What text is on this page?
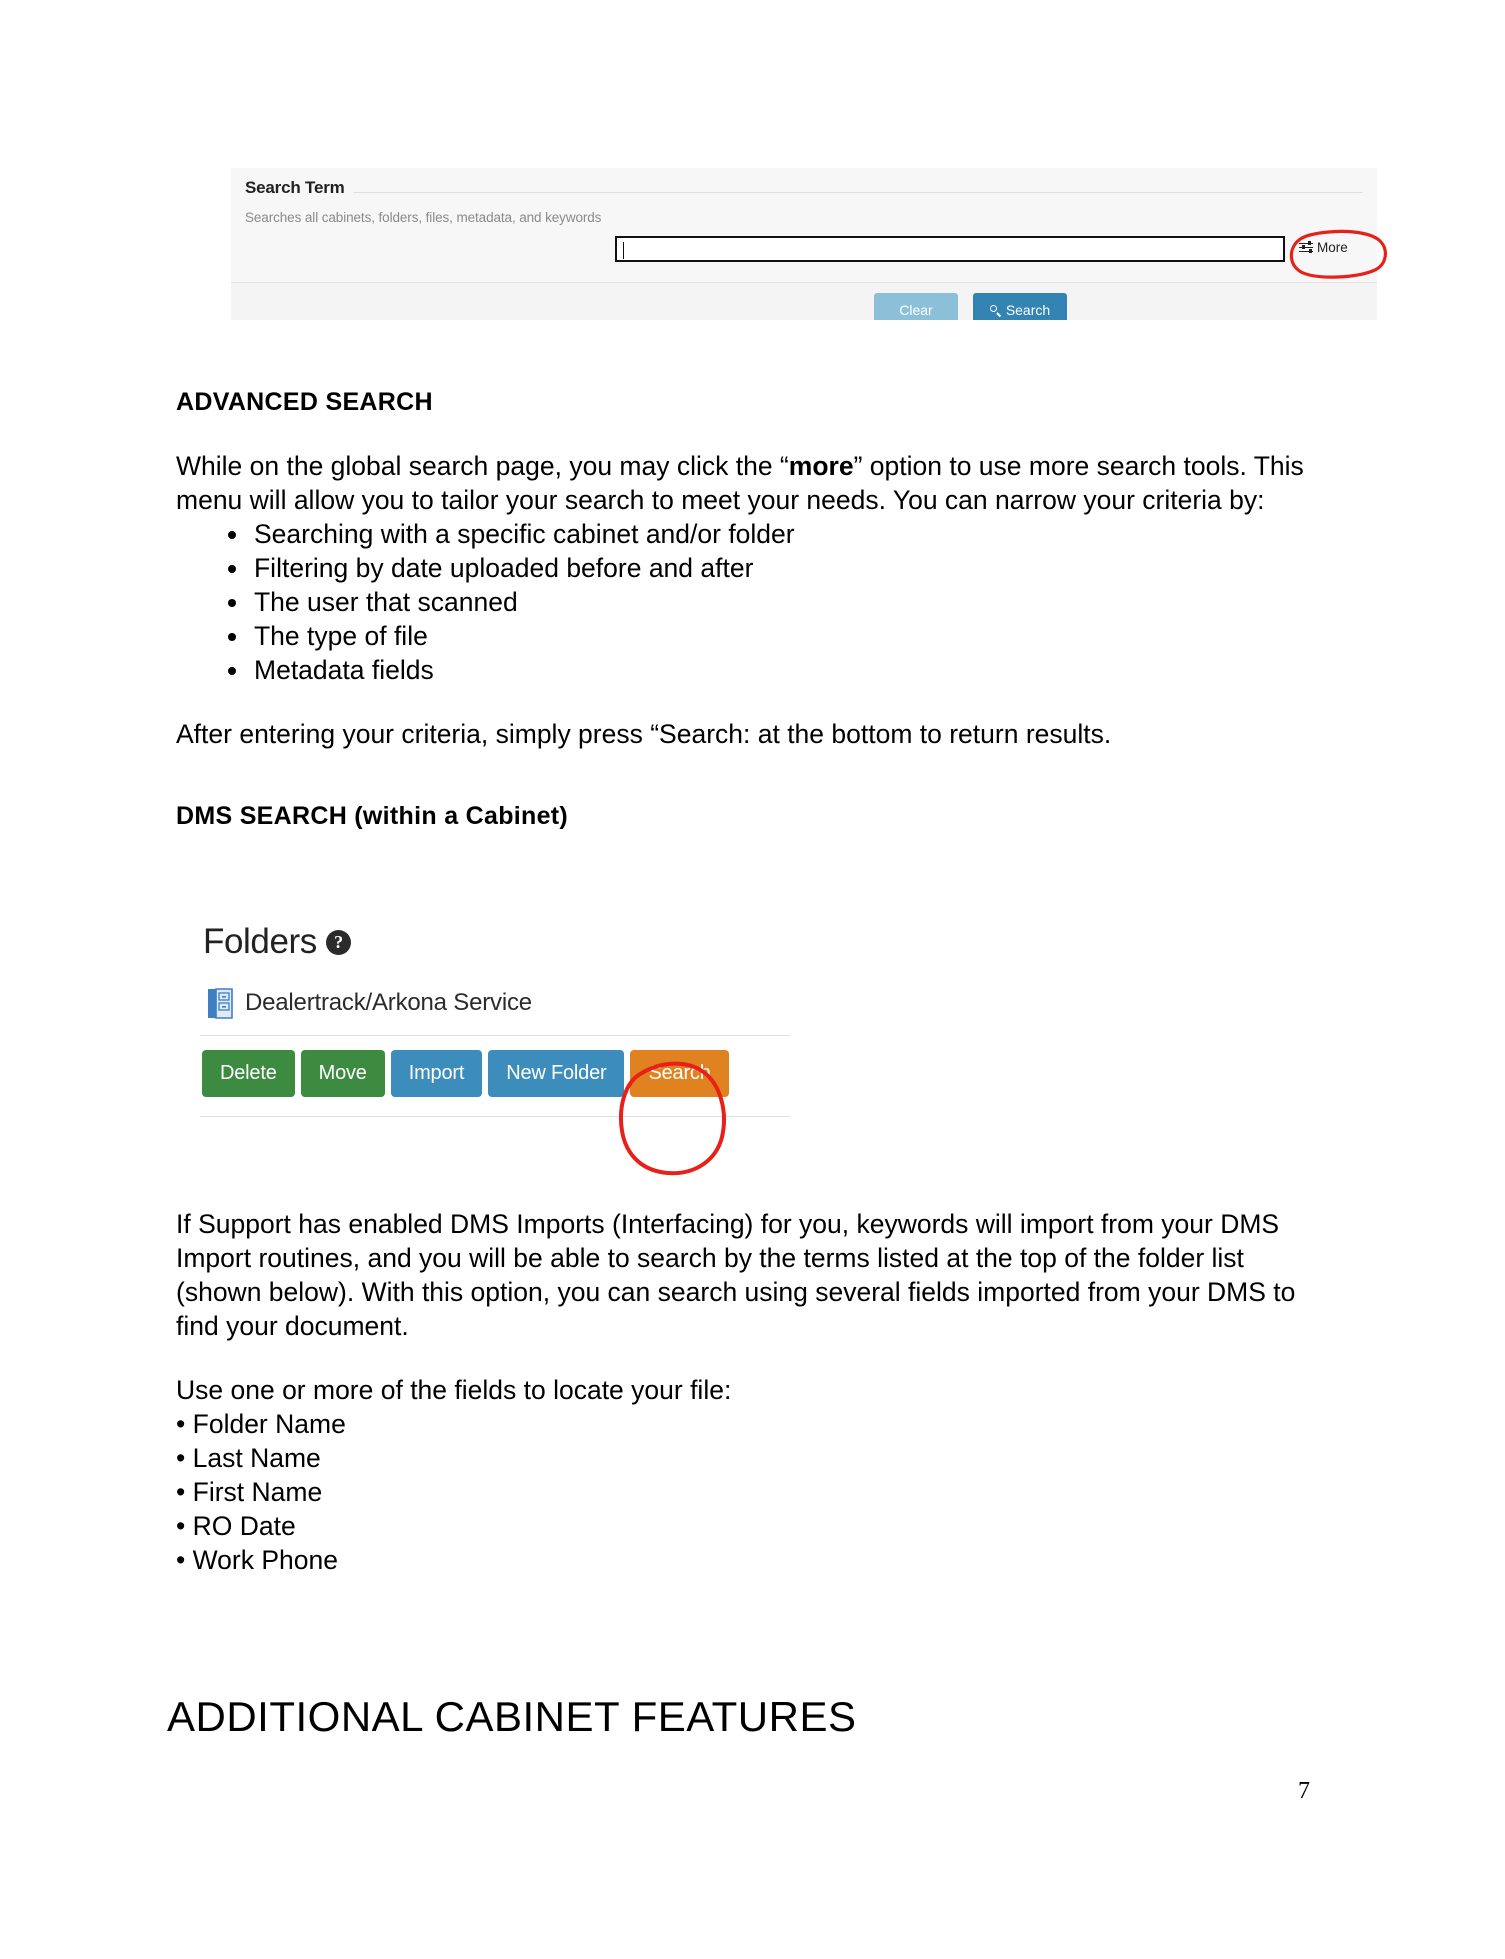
Search Term
Searches all cabinets, folders, files, metadata, and keywords
More
Clear	Search
ADVANCED SEARCH

While on the global search page, you may click the “more” option to use more search tools. This menu will allow you to tailor your search to meet your needs. You can narrow your criteria by:

Searching with a specific cabinet and/or folder
Filtering by date uploaded before and after
The user that scanned
The type of file
Metadata fields

After entering your criteria, simply press “Search: at the bottom to return results.

DMS SEARCH (within a Cabinet)
Folders ?
Dealertrack/Arkona Service
Delete Move Import New Folder Search

If Support has enabled DMS Imports (Interfacing) for you, keywords will import from your DMS Import routines, and you will be able to search by the terms listed at the top of the folder list (shown below). With this option, you can search using several fields imported from your DMS to find your document.

Use one or more of the fields to locate your file:

• Folder Name
• Last Name
• First Name
• RO Date
• Work Phone
ADDITIONAL CABINET FEATURES
7
